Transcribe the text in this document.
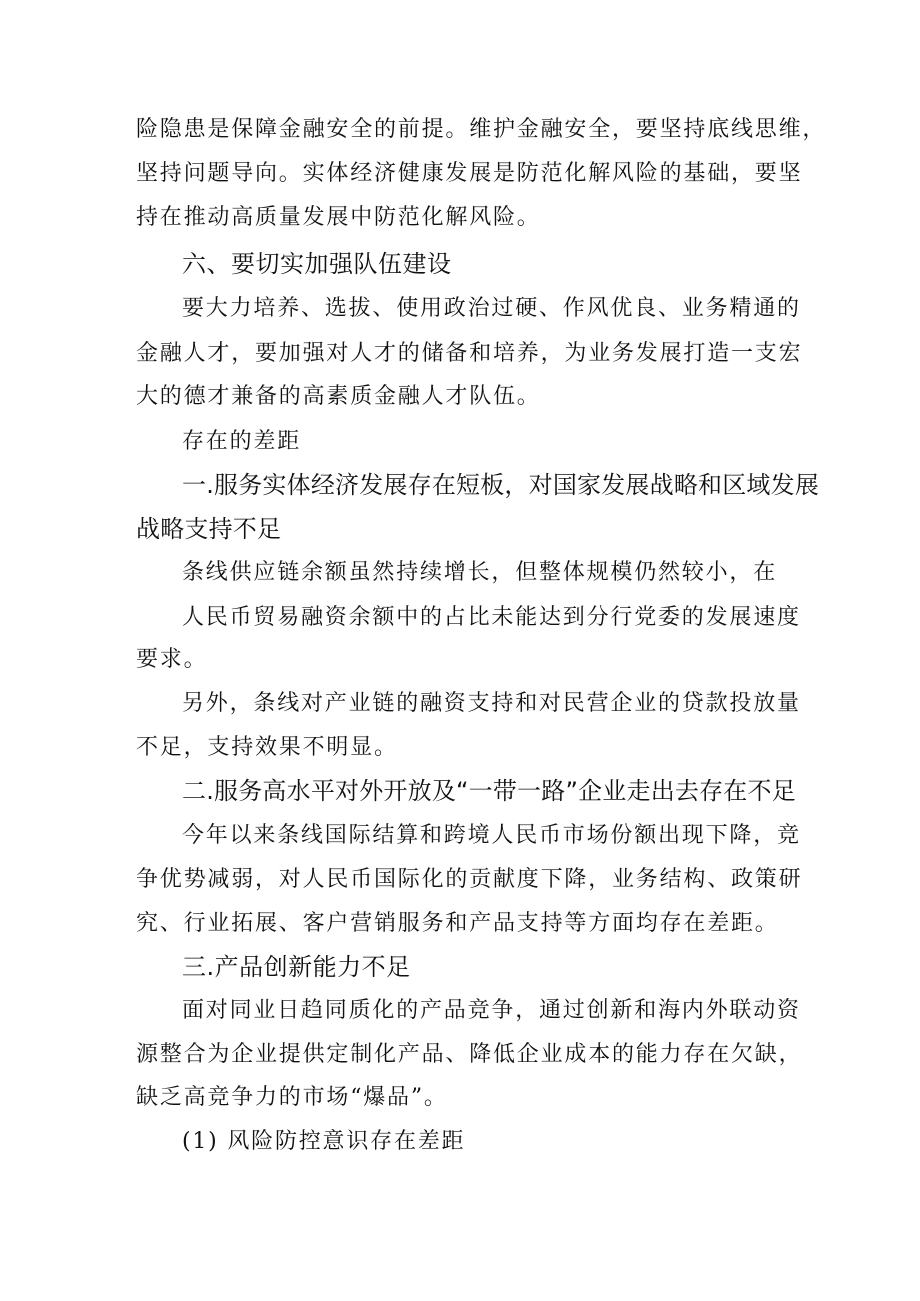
险隐患是保障金融安全的前提。维护金融安全，要坚持底线思维，
坚持问题导向。实体经济健康发展是防范化解风险的基础，要坚
持在推动高质量发展中防范化解风险。
六、要切实加强队伍建设
要大力培养、选拔、使用政治过硬、作风优良、业务精通的
金融人才，要加强对人才的储备和培养，为业务发展打造一支宏
大的德才兼备的高素质金融人才队伍。
存在的差距
一.服务实体经济发展存在短板，对国家发展战略和区域发展
战略支持不足
条线供应链余额虽然持续增长，但整体规模仍然较小，在
人民币贸易融资余额中的占比未能达到分行党委的发展速度
要求。
另外，条线对产业链的融资支持和对民营企业的贷款投放量
不足，支持效果不明显。
二.服务高水平对外开放及“一带一路”企业走出去存在不足
今年以来条线国际结算和跨境人民币市场份额出现下降，竞
争优势减弱，对人民币国际化的贡献度下降，业务结构、政策研
究、行业拓展、客户营销服务和产品支持等方面均存在差距。
三.产品创新能力不足
面对同业日趋同质化的产品竞争，通过创新和海内外联动资
源整合为企业提供定制化产品、降低企业成本的能力存在欠缺，
缺乏高竞争力的市场“爆品”。
(1) 风险防控意识存在差距
